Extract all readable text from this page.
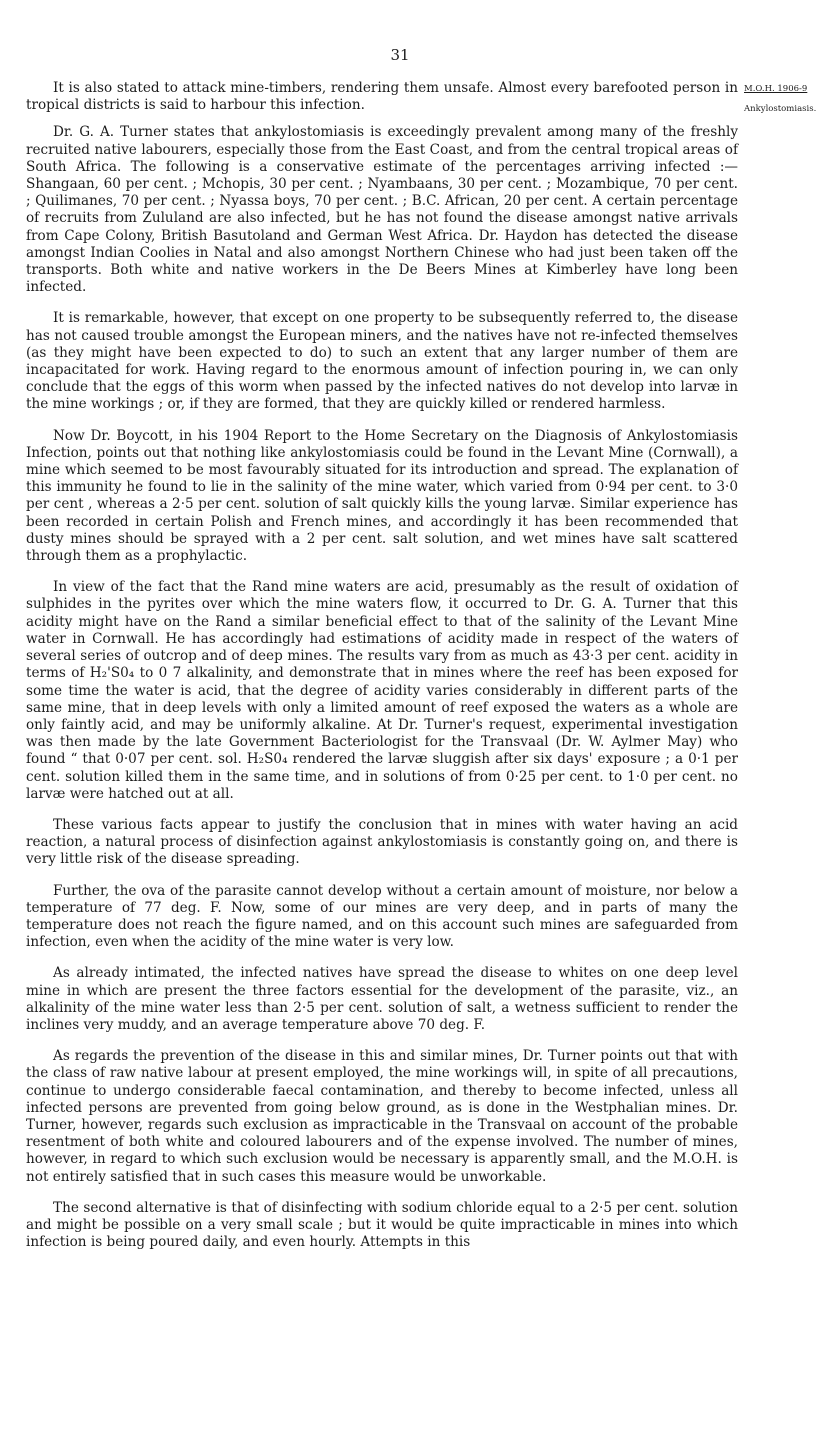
31

M.O.H. 1906-9

Ankylostomiasis.

It is also stated to attack mine-timbers, rendering them unsafe. Almost every barefooted person in tropical districts is said to harbour this infection.

Dr. G. A. Turner states that ankylostomiasis is exceedingly prevalent among many of the freshly recruited native labourers, especially those from the East Coast, and from the central tropical areas of South Africa. The following is a conservative estimate of the percentages arriving infected :—Shangaan, 60 per cent. ; Mchopis, 30 per cent. ; Nyambaans, 30 per cent. ; Mozambique, 70 per cent. ; Quilimanes, 70 per cent. ; Nyassa boys, 70 per cent. ; B.C. African, 20 per cent. A certain percentage of recruits from Zululand are also infected, but he has not found the disease amongst native arrivals from Cape Colony, British Basutoland and German West Africa. Dr. Haydon has detected the disease amongst Indian Coolies in Natal and also amongst Northern Chinese who had just been taken off the transports. Both white and native workers in the De Beers Mines at Kimberley have long been infected.

It is remarkable, however, that except on one property to be subsequently referred to, the disease has not caused trouble amongst the European miners, and the natives have not re-infected themselves (as they might have been expected to do) to such an extent that any larger number of them are incapacitated for work. Having regard to the enormous amount of infection pouring in, we can only conclude that the eggs of this worm when passed by the infected natives do not develop into larvæ in the mine workings ; or, if they are formed, that they are quickly killed or rendered harmless.

Now Dr. Boycott, in his 1904 Report to the Home Secretary on the Diagnosis of Ankylostomiasis Infection, points out that nothing like ankylostomiasis could be found in the Levant Mine (Cornwall), a mine which seemed to be most favourably situated for its introduction and spread. The explanation of this immunity he found to lie in the salinity of the mine water, which varied from 0·94 per cent. to 3·0 per cent , whereas a 2·5 per cent. solution of salt quickly kills the young larvæ. Similar experience has been recorded in certain Polish and French mines, and accordingly it has been recommended that dusty mines should be sprayed with a 2 per cent. salt solution, and wet mines have salt scattered through them as a prophylactic.

In view of the fact that the Rand mine waters are acid, presumably as the result of oxidation of sulphides in the pyrites over which the mine waters flow, it occurred to Dr. G. A. Turner that this acidity might have on the Rand a similar beneficial effect to that of the salinity of the Levant Mine water in Cornwall. He has accordingly had estimations of acidity made in respect of the waters of several series of outcrop and of deep mines. The results vary from as much as 43·3 per cent. acidity in terms of H₂'S0₄ to 0 7 alkalinity, and demonstrate that in mines where the reef has been exposed for some time the water is acid, that the degree of acidity varies considerably in different parts of the same mine, that in deep levels with only a limited amount of reef exposed the waters as a whole are only faintly acid, and may be uniformly alkaline. At Dr. Turner's request, experimental investigation was then made by the late Government Bacteriologist for the Transvaal (Dr. W. Aylmer May) who found “ that 0·07 per cent. sol. H₂S0₄ rendered the larvæ sluggish after six days' exposure ; a 0·1 per cent. solution killed them in the same time, and in solutions of from 0·25 per cent. to 1·0 per cent. no larvæ were hatched out at all.

These various facts appear to justify the conclusion that in mines with water having an acid reaction, a natural process of disinfection against ankylostomiasis is constantly going on, and there is very little risk of the disease spreading.

Further, the ova of the parasite cannot develop without a certain amount of moisture, nor below a temperature of 77 deg. F. Now, some of our mines are very deep, and in parts of many the temperature does not reach the figure named, and on this account such mines are safeguarded from infection, even when the acidity of the mine water is very low.

As already intimated, the infected natives have spread the disease to whites on one deep level mine in which are present the three factors essential for the development of the parasite, viz., an alkalinity of the mine water less than 2·5 per cent. solution of salt, a wetness sufficient to render the inclines very muddy, and an average temperature above 70 deg. F.

As regards the prevention of the disease in this and similar mines, Dr. Turner points out that with the class of raw native labour at present employed, the mine workings will, in spite of all precautions, continue to undergo considerable faecal contamination, and thereby to become infected, unless all infected persons are prevented from going below ground, as is done in the Westphalian mines. Dr. Turner, however, regards such exclusion as impracticable in the Transvaal on account of the probable resentment of both white and coloured labourers and of the expense involved. The number of mines, however, in regard to which such exclusion would be necessary is apparently small, and the M.O.H. is not entirely satisfied that in such cases this measure would be unworkable.

The second alternative is that of disinfecting with sodium chloride equal to a 2·5 per cent. solution and might be possible on a very small scale ; but it would be quite impracticable in mines into which infection is being poured daily, and even hourly. Attempts in this
